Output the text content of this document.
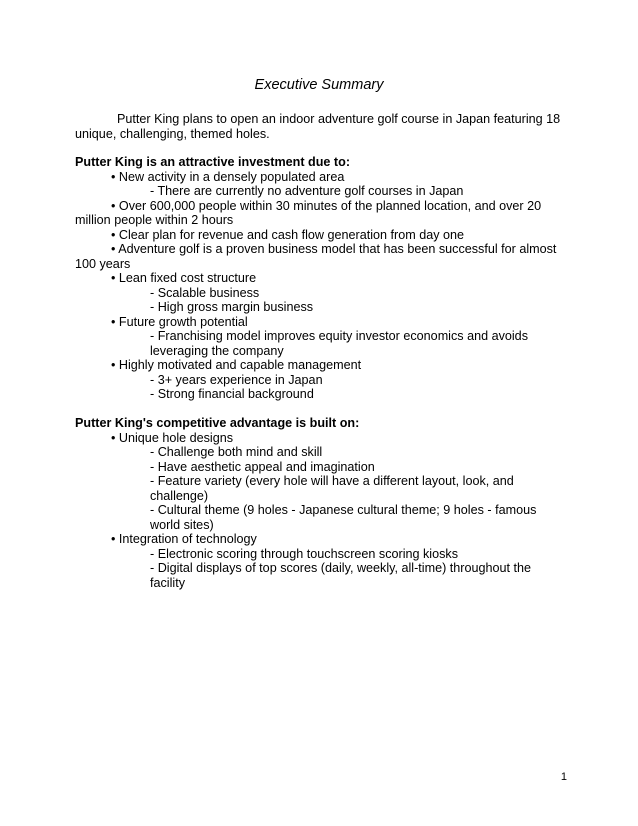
Executive Summary
Putter King plans to open an indoor adventure golf course in Japan featuring 18 unique, challenging, themed holes.
Putter King is an attractive investment due to:
• New activity in a densely populated area
- There are currently no adventure golf courses in Japan
• Over 600,000 people within 30 minutes of the planned location, and over 20
million people within 2 hours
• Clear plan for revenue and cash flow generation from day one
• Adventure golf is a proven business model that has been successful for almost
100 years
• Lean fixed cost structure
- Scalable business
- High gross margin business
• Future growth potential
- Franchising model improves equity investor economics and avoids
leveraging the company
• Highly motivated and capable management
- 3+ years experience in Japan
- Strong financial background
Putter King's competitive advantage is built on:
• Unique hole designs
- Challenge both mind and skill
- Have aesthetic appeal and imagination
- Feature variety (every hole will have a different layout, look, and
challenge)
- Cultural theme (9 holes - Japanese cultural theme; 9 holes - famous
world sites)
• Integration of technology
- Electronic scoring through touchscreen scoring kiosks
- Digital displays of top scores (daily, weekly, all-time) throughout the
facility
1
